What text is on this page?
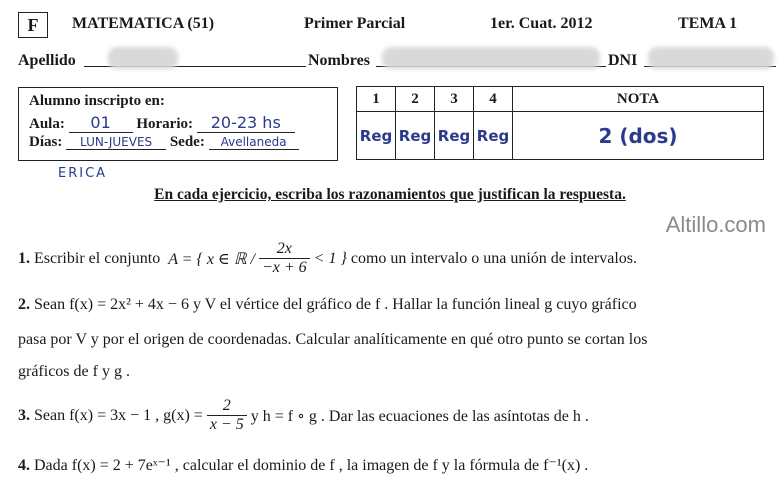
F	MATEMATICA (51)	Primer Parcial	1er. Cuat. 2012	TEMA 1
Apellido	Nombres	DNI
Alumno inscripto en:
Aula: 01 Horario: 20-23 hs
Días: LUN-JUEVES Sede: Avellaneda
ERICA
1	2	3	4	NOTA
Reg	Reg	Reg	Reg	2 (dos)
En cada ejercicio, escriba los razonamientos que justifican la respuesta.
Altillo.com
1.
Escribir el conjunto
A = { x ∈ ℝ /
$\frac{2x}{-x + 6}$
< 1 }
como un intervalo o una unión de intervalos.
2. Sean f(x) = 2x² + 4x − 6 y V el vértice del gráfico de f . Hallar la función lineal g cuyo gráfico
pasa por V y por el origen de coordenadas. Calcular analíticamente en qué otro punto se cortan los
gráficos de f y g .
3.
Sean f(x) = 3x − 1 , g(x) =
$\frac{2}{x - 5}$
y h = f ∘ g . Dar las ecuaciones de las asíntotas de h .
4. Dada f(x) = 2 + 7eˣ⁻¹ , calcular el dominio de f , la imagen de f y la fórmula de f⁻¹(x) .
